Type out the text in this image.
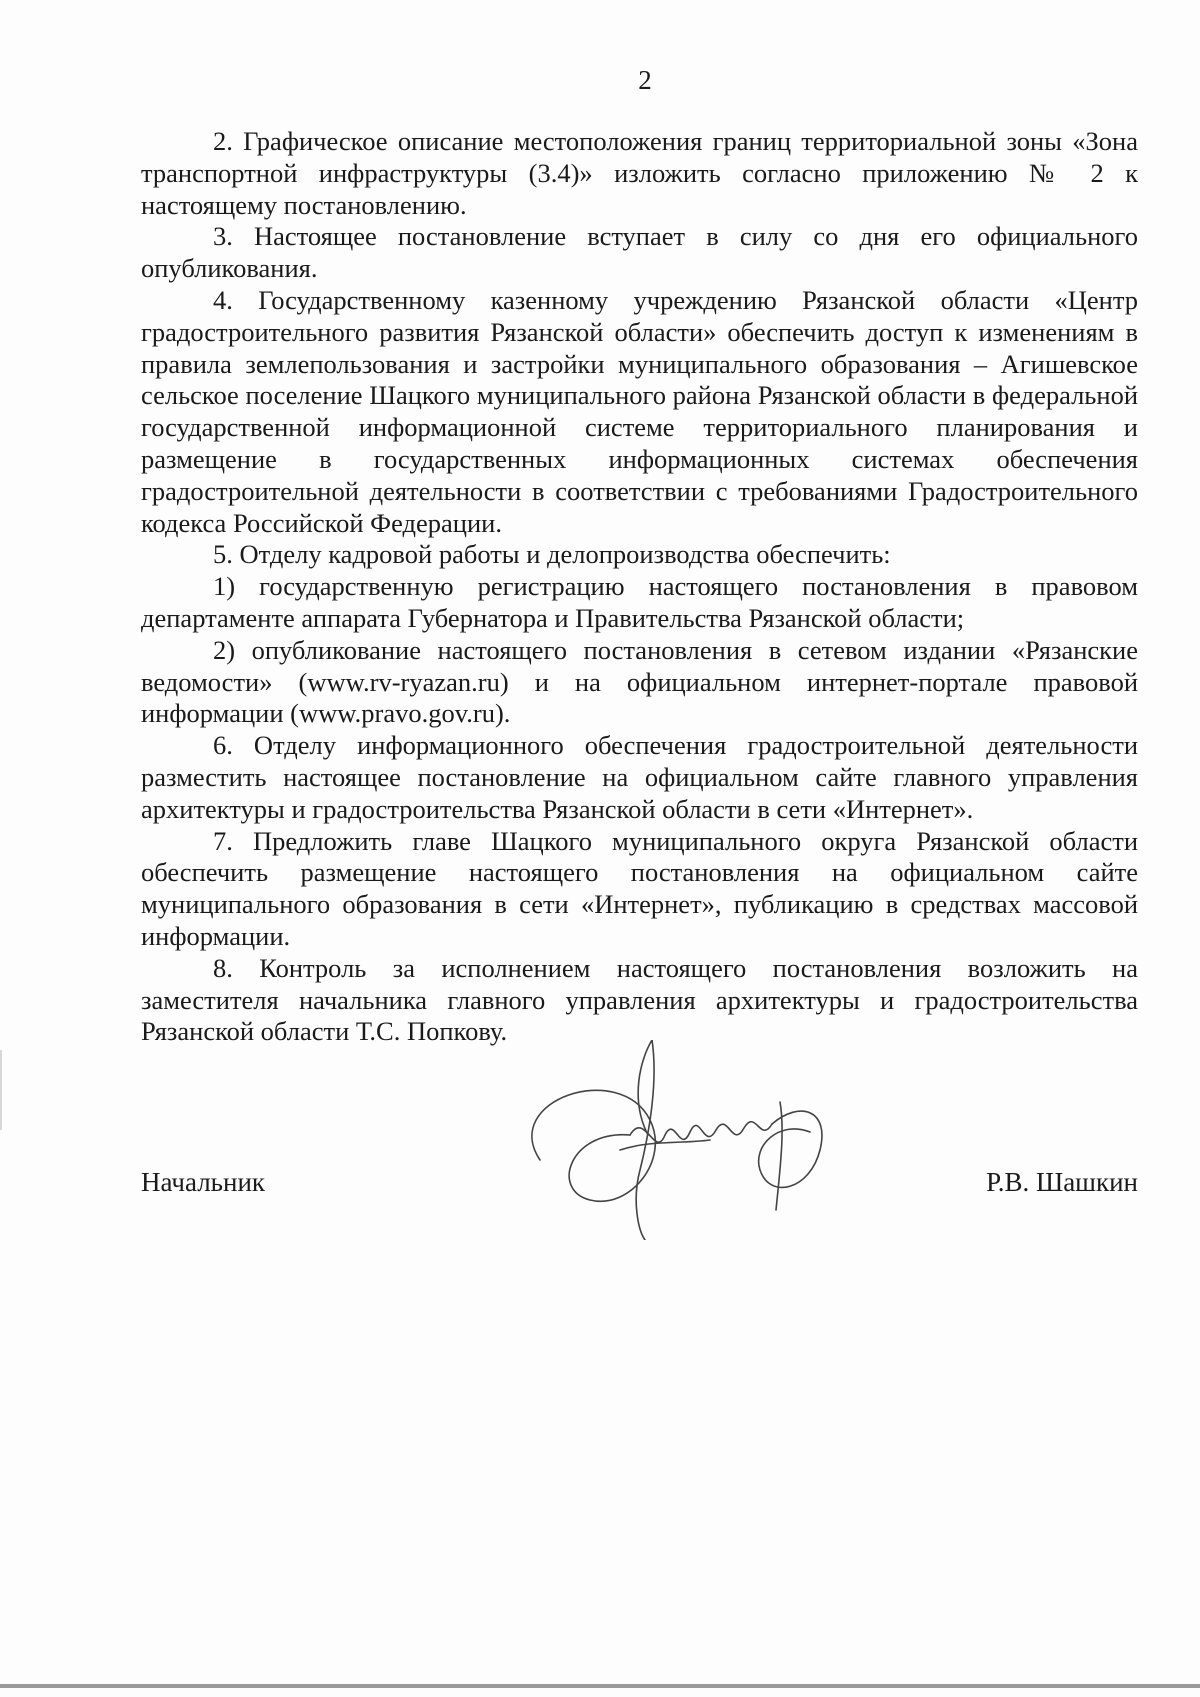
2

2. Графическое описание местоположения границ территориальной зоны «Зона транспортной инфраструктуры (3.4)» изложить согласно приложению № 2 к настоящему постановлению.

3. Настоящее постановление вступает в силу со дня его официального опубликования.

4. Государственному казенному учреждению Рязанской области «Центр градостроительного развития Рязанской области» обеспечить доступ к изменениям в правила землепользования и застройки муниципального образования – Агишевское сельское поселение Шацкого муниципального района Рязанской области в федеральной государственной информационной системе территориального планирования и размещение в государственных информационных системах обеспечения градостроительной деятельности в соответствии с требованиями Градостроительного кодекса Российской Федерации.

5. Отделу кадровой работы и делопроизводства обеспечить:

1) государственную регистрацию настоящего постановления в правовом департаменте аппарата Губернатора и Правительства Рязанской области;

2) опубликование настоящего постановления в сетевом издании «Рязанские ведомости» (www.rv-ryazan.ru) и на официальном интернет-портале правовой информации (www.pravo.gov.ru).

6. Отделу информационного обеспечения градостроительной деятельности разместить настоящее постановление на официальном сайте главного управления архитектуры и градостроительства Рязанской области в сети «Интернет».

7. Предложить главе Шацкого муниципального округа Рязанской области обеспечить размещение настоящего постановления на официальном сайте муниципального образования в сети «Интернет», публикацию в средствах массовой информации.

8. Контроль за исполнением настоящего постановления возложить на заместителя начальника главного управления архитектуры и градостроительства Рязанской области Т.С. Попкову.

Начальник	Р.В. Шашкин
